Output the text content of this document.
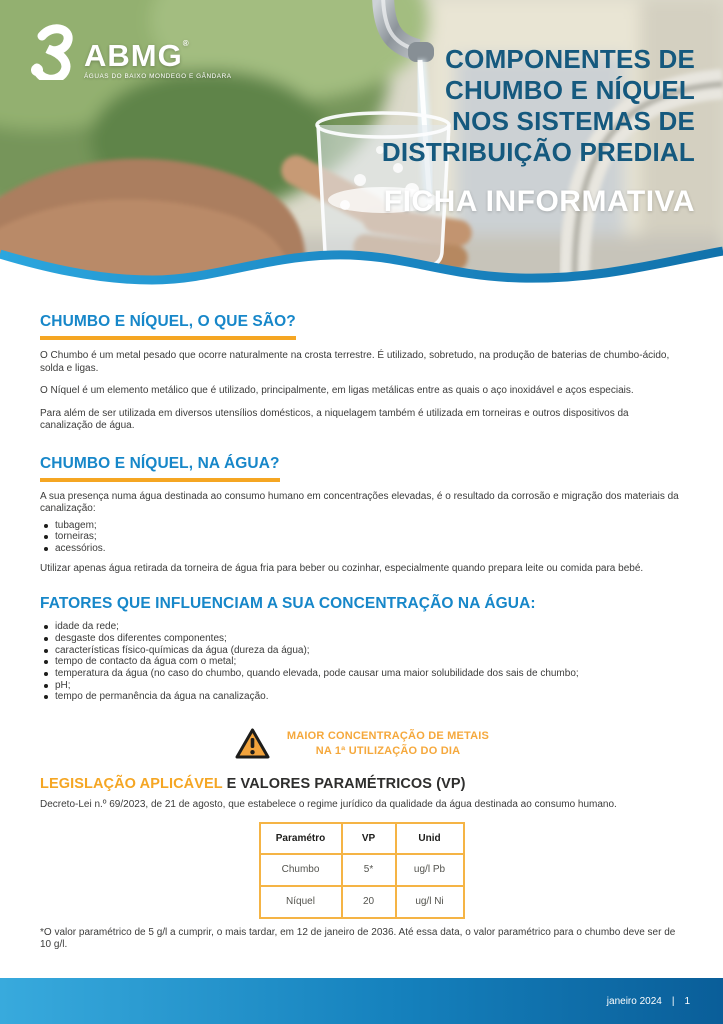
ABMG®
ÁGUAS DO BAIXO MONDEGO E GÂNDARA
COMPONENTES DE
CHUMBO E NÍQUEL
NOS SISTEMAS DE
DISTRIBUIÇÃO PREDIAL
FICHA INFORMATIVA
CHUMBO E NÍQUEL, O QUE SÃO?

O Chumbo é um metal pesado que ocorre naturalmente na crosta terrestre. É utilizado, sobretudo, na produção de baterias de chumbo-ácido, solda e ligas.

O Níquel é um elemento metálico que é utilizado, principalmente, em ligas metálicas entre as quais o aço inoxidável e aços especiais.

Para além de ser utilizada em diversos utensílios domésticos, a niquelagem também é utilizada em torneiras e outros dispositivos da canalização de água.

CHUMBO E NÍQUEL, NA ÁGUA?

A sua presença numa água destinada ao consumo humano em concentrações elevadas, é o resultado da corrosão e migração dos materiais da canalização:

tubagem;
torneiras;
acessórios.

Utilizar apenas água retirada da torneira de água fria para beber ou cozinhar, especialmente quando prepara leite ou comida para bebé.

FATORES QUE INFLUENCIAM A SUA CONCENTRAÇÃO NA ÁGUA:
idade da rede;
desgaste dos diferentes componentes;
características físico-químicas da água (dureza da água);
tempo de contacto da água com o metal;
temperatura da água (no caso do chumbo, quando elevada, pode causar uma maior solubilidade dos sais de chumbo;
pH;
tempo de permanência da água na canalização.
MAIOR CONCENTRAÇÃO DE METAIS
NA 1ª UTILIZAÇÃO DO DIA
LEGISLAÇÃO APLICÁVEL E VALORES PARAMÉTRICOS (VP)

Decreto-Lei n.º 69/2023, de 21 de agosto, que estabelece o regime jurídico da qualidade da água destinada ao consumo humano.

Paramétro	VP	Unid
Chumbo	5*	ug/l Pb
Níquel	20	ug/l Ni

*O valor paramétrico de 5 g/l a cumprir, o mais tardar, em 12 de janeiro de 2036. Até essa data, o valor paramétrico para o chumbo deve ser de 10 g/l.

janeiro 2024 | 1
